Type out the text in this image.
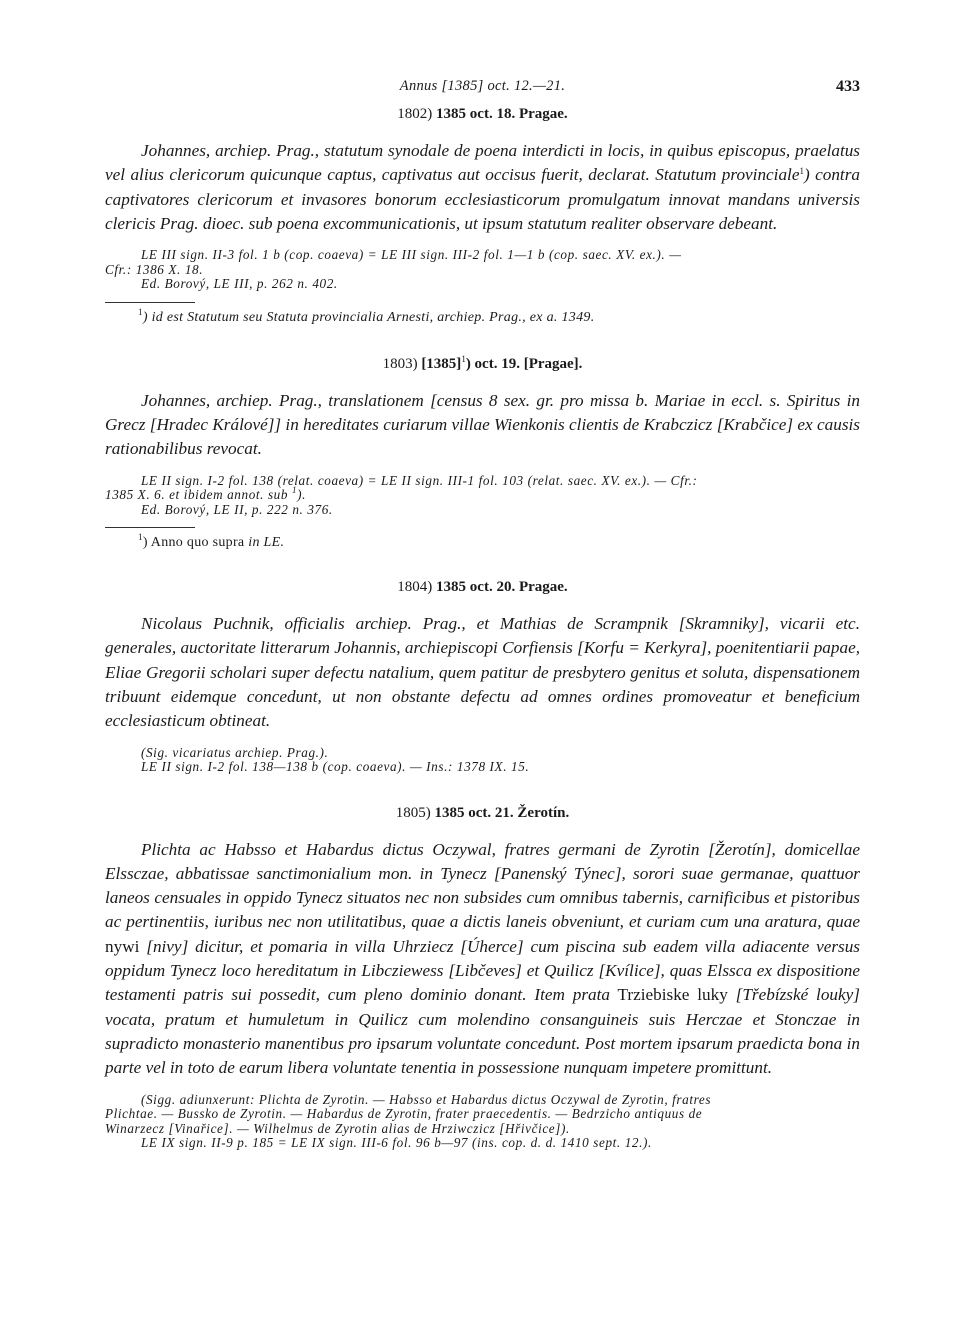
Annus [1385] oct. 12.—21.	433
1802) 1385 oct. 18. Pragae.

Johannes, archiep. Prag., statutum synodale de poena interdicti in locis, in quibus episcopus, praelatus vel alius clericorum quicunque captus, captivatus aut occisus fuerit, declarat. Statutum provinciale$^1$) contra captivatores clericorum et invasores bonorum ecclesiasticorum promulgatum innovat mandans universis clericis Prag. dioec. sub poena excommunicationis, ut ipsum statutum realiter observare debeant.

LE III sign. II-3 fol. 1 b (cop. coaeva) = LE III sign. III-2 fol. 1—1 b (cop. saec. XV. ex.). —
Cfr.: 1386 X. 18.
Ed. Borový, LE III, p. 262 n. 402.
$^1$) id est Statutum seu Statuta provincialia Arnesti, archiep. Prag., ex a. 1349.
1803) $[1385]^1$) oct. 19. [Pragae].

Johannes, archiep. Prag., translationem [census 8 sex. gr. pro missa b. Mariae in eccl. s. Spiritus in Grecz [Hradec Králové]] in hereditates curiarum villae Wienkonis clientis de Krabczicz [Krabčice] ex causis rationabilibus revocat.

LE II sign. I-2 fol. 138 (relat. coaeva) = LE II sign. III-1 fol. 103 (relat. saec. XV. ex.). — Cfr.:
1385 X. 6. et ibidem annot. sub $^1$).
Ed. Borový, LE II, p. 222 n. 376.
$^1$) Anno quo supra in LE.
1804) 1385 oct. 20. Pragae.

Nicolaus Puchnik, officialis archiep. Prag., et Mathias de Scrampnik [Skramniky], vicarii etc. generales, auctoritate litterarum Johannis, archiepiscopi Corfiensis [Korfu = Kerkyra], poenitentiarii papae, Eliae Gregorii scholari super defectu natalium, quem patitur de presbytero genitus et soluta, dispensationem tribuunt eidemque concedunt, ut non obstante defectu ad omnes ordines promoveatur et beneficium ecclesiasticum obtineat.

(Sig. vicariatus archiep. Prag.).
LE II sign. I-2 fol. 138—138 b (cop. coaeva). — Ins.: 1378 IX. 15.
1805) 1385 oct. 21. Žerotín.

Plichta ac Habsso et Habardus dictus Oczywal, fratres germani de Zyrotin [Žerotín], domicellae Elssczae, abbatissae sanctimonialium mon. in Tynecz [Panenský Týnec], sorori suae germanae, quattuor laneos censuales in oppido Tynecz situatos nec non subsides cum omnibus tabernis, carnificibus et pistoribus ac pertinentiis, iuribus nec non utilitatibus, quae a dictis laneis obveniunt, et curiam cum una aratura, quae nywi [nivy] dicitur, et pomaria in villa Uhrziecz [Úherce] cum piscina sub eadem villa adiacente versus oppidum Tynecz loco hereditatum in Libcziewess [Libčeves] et Quilicz [Kvílice], quas Elssca ex dispositione testamenti patris sui possedit, cum pleno dominio donant. Item prata Trziebiske luky [Třebízské louky] vocata, pratum et humuletum in Quilicz cum molendino consanguineis suis Herczae et Stonczae in supradicto monasterio manentibus pro ipsarum voluntate concedunt. Post mortem ipsarum praedicta bona in parte vel in toto de earum libera voluntate tenentia in possessione nunquam impetere promittunt.

(Sigg. adiunxerunt: Plichta de Zyrotin. — Habsso et Habardus dictus Oczywal de Zyrotin, fratres
Plichtae. — Bussko de Zyrotin. — Habardus de Zyrotin, frater praecedentis. — Bedrzicho antiquus de
Winarzecz [Vinařice]. — Wilhelmus de Zyrotin alias de Hrziwczicz [Hřivčice]).
LE IX sign. II-9 p. 185 = LE IX sign. III-6 fol. 96 b—97 (ins. cop. d. d. 1410 sept. 12.).
